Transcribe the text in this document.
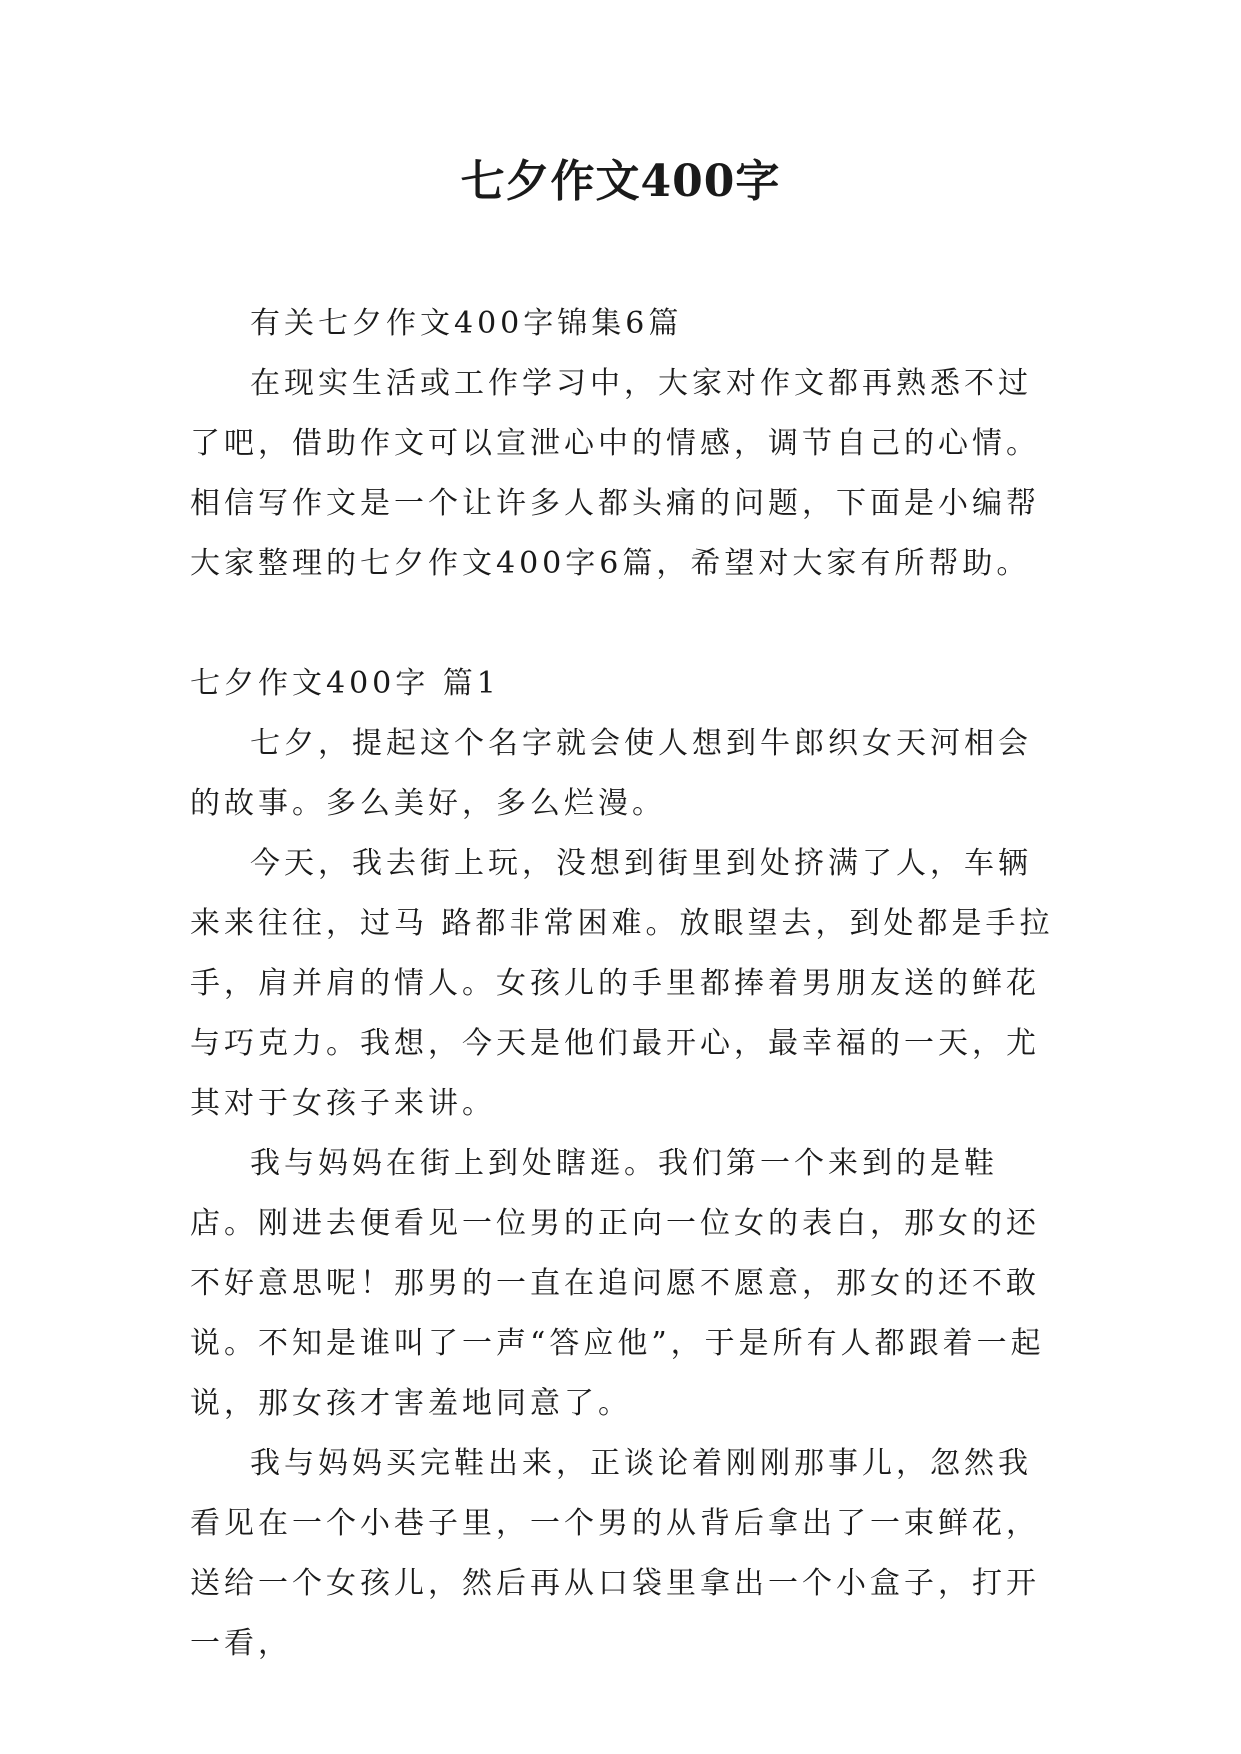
七夕作文400字

有关七夕作文400字锦集6篇

在现实生活或工作学习中，大家对作文都再熟悉不过了吧，借助作文可以宣泄心中的情感，调节自己的心情。相信写作文是一个让许多人都头痛的问题，下面是小编帮大家整理的七夕作文400字6篇，希望对大家有所帮助。

七夕作文400字 篇1

七夕，提起这个名字就会使人想到牛郎织女天河相会的故事。多么美好，多么烂漫。

今天，我去街上玩，没想到街里到处挤满了人，车辆来来往往，过马 路都非常困难。放眼望去，到处都是手拉手，肩并肩的情人。女孩儿的手里都捧着男朋友送的鲜花与巧克力。我想，今天是他们最开心，最幸福的一天，尤其对于女孩子来讲。

我与妈妈在街上到处瞎逛。我们第一个来到的是鞋店。刚进去便看见一位男的正向一位女的表白，那女的还不好意思呢！那男的一直在追问愿不愿意，那女的还不敢说。不知是谁叫了一声“答应他”，于是所有人都跟着一起说，那女孩才害羞地同意了。

我与妈妈买完鞋出来，正谈论着刚刚那事儿，忽然我看见在一个小巷子里，一个男的从背后拿出了一束鲜花，送给一个女孩儿，然后再从口袋里拿出一个小盒子，打开一看，
